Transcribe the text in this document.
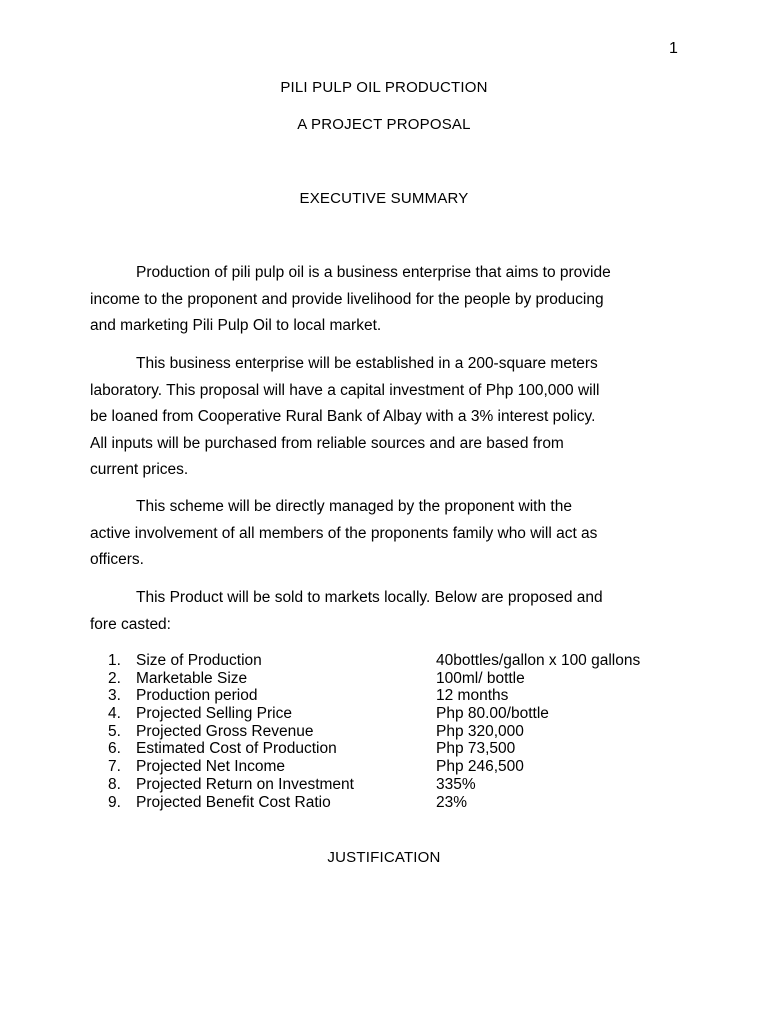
1
PILI PULP OIL PRODUCTION
A PROJECT PROPOSAL
EXECUTIVE SUMMARY
Production of pili pulp oil is a business enterprise that aims to provide
income to the proponent and provide livelihood for the people by producing
and marketing Pili Pulp Oil to local market.
This business enterprise will be established in a 200-square meters
laboratory. This proposal will have a capital investment of Php 100,000 will
be loaned from Cooperative Rural Bank of Albay with a 3% interest policy.
All inputs will be purchased from reliable sources and are based from
current prices.
This scheme will be directly managed by the proponent with the
active involvement of all members of the proponents family who will act as
officers.
This Product will be sold to markets locally. Below are proposed and
fore casted:
1. Size of Production	40bottles/gallon x 100 gallons
2. Marketable Size	100ml/ bottle
3. Production period	12 months
4. Projected Selling Price	Php 80.00/bottle
5. Projected Gross Revenue	Php 320,000
6. Estimated Cost of Production	Php 73,500
7. Projected Net Income	Php 246,500
8. Projected Return on Investment	335%
9. Projected Benefit Cost Ratio	23%
JUSTIFICATION
